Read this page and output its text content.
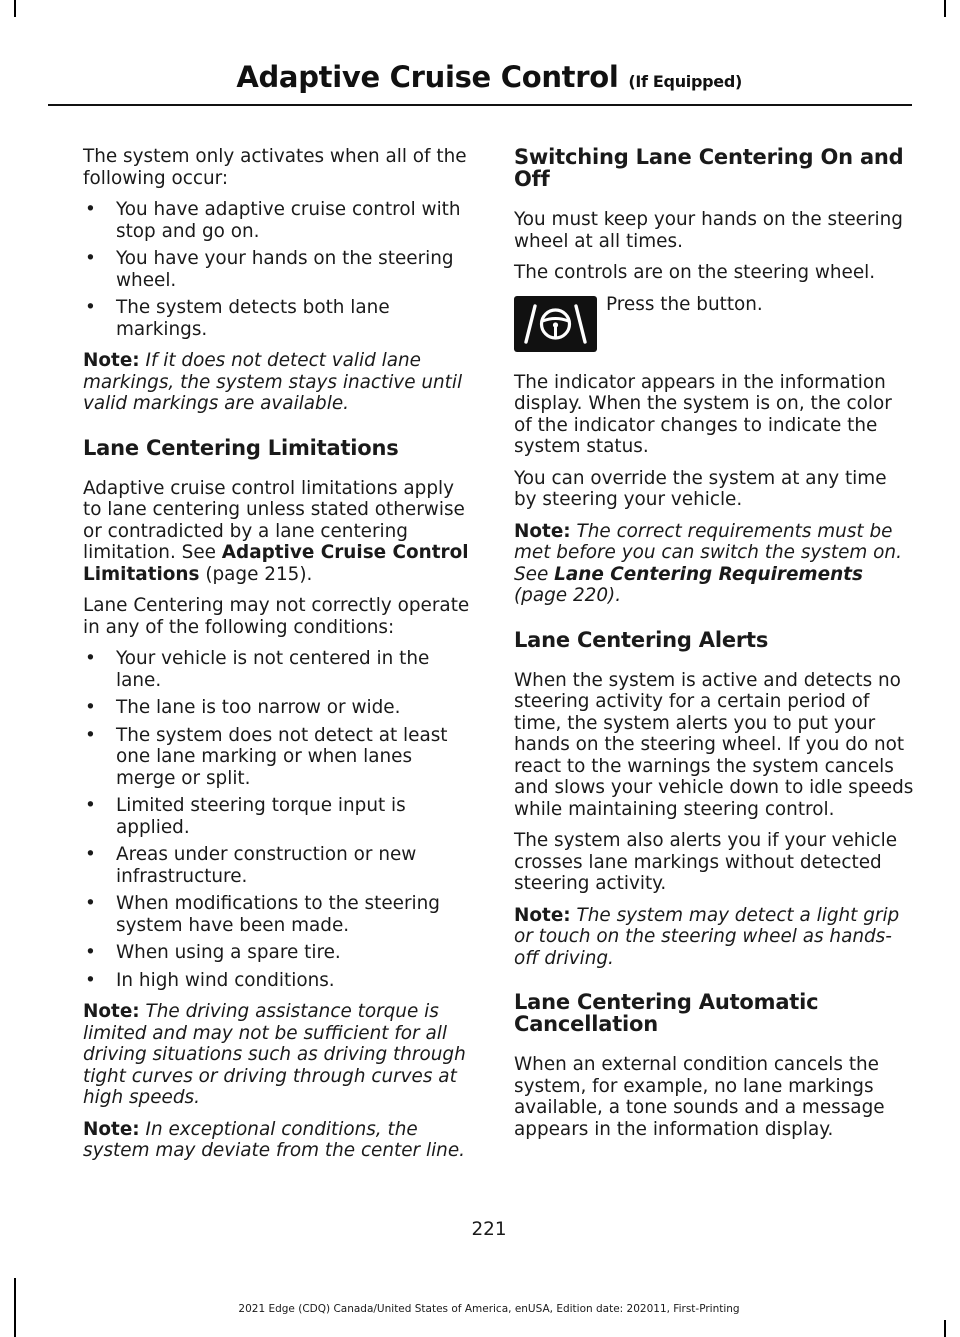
Adaptive Cruise Control (If Equipped)

The system only activates when all of the following occur:

• You have adaptive cruise control with stop and go on.
• You have your hands on the steering wheel.
• The system detects both lane markings.

Note: If it does not detect valid lane markings, the system stays inactive until valid markings are available.

Lane Centering Limitations

Adaptive cruise control limitations apply to lane centering unless stated otherwise or contradicted by a lane centering limitation. See Adaptive Cruise Control Limitations (page 215).

Lane Centering may not correctly operate in any of the following conditions:

• Your vehicle is not centered in the lane.
• The lane is too narrow or wide.
• The system does not detect at least one lane marking or when lanes merge or split.
• Limited steering torque input is applied.
• Areas under construction or new infrastructure.
• When modifications to the steering system have been made.
• When using a spare tire.
• In high wind conditions.

Note: The driving assistance torque is limited and may not be sufficient for all driving situations such as driving through tight curves or driving through curves at high speeds.

Note: In exceptional conditions, the system may deviate from the center line.

Switching Lane Centering On and Off

You must keep your hands on the steering wheel at all times.

The controls are on the steering wheel.

Press the button.

The indicator appears in the information display. When the system is on, the color of the indicator changes to indicate the system status.

You can override the system at any time by steering your vehicle.

Note: The correct requirements must be met before you can switch the system on. See Lane Centering Requirements (page 220).

Lane Centering Alerts

When the system is active and detects no steering activity for a certain period of time, the system alerts you to put your hands on the steering wheel. If you do not react to the warnings the system cancels and slows your vehicle down to idle speeds while maintaining steering control.

The system also alerts you if your vehicle crosses lane markings without detected steering activity.

Note: The system may detect a light grip or touch on the steering wheel as hands-off driving.

Lane Centering Automatic Cancellation

When an external condition cancels the system, for example, no lane markings available, a tone sounds and a message appears in the information display.

221
2021 Edge (CDQ) Canada/United States of America, enUSA, Edition date: 202011, First-Printing
